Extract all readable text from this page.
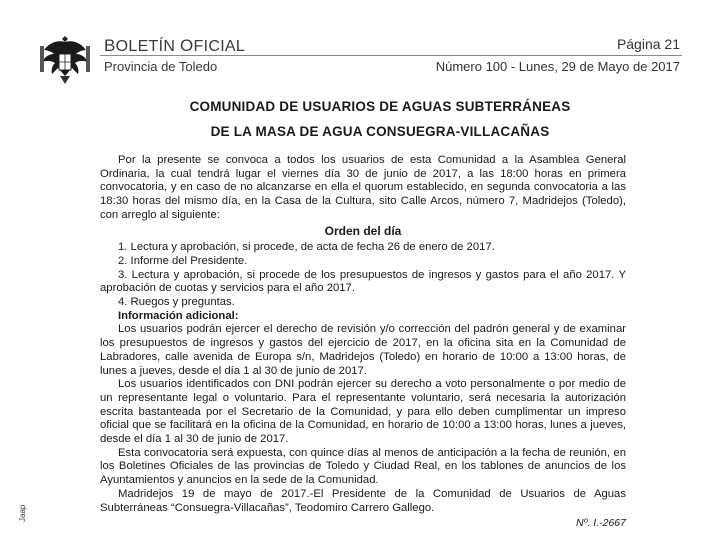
BOLETÍN OFICIAL
Provincia de Toledo
Página 21
Número 100 - Lunes, 29 de Mayo de 2017
COMUNIDAD DE USUARIOS DE AGUAS SUBTERRÁNEAS
DE LA MASA DE AGUA CONSUEGRA-VILLACAÑAS

Por la presente se convoca a todos los usuarios de esta Comunidad a la Asamblea General Ordinaria, la cual tendrá lugar el viernes día 30 de junio de 2017, a las 18:00 horas en primera convocatoria, y en caso de no alcanzarse en ella el quorum establecido, en segunda convocatoria a las 18:30 horas del mismo día, en la Casa de la Cultura, sito Calle Arcos, número 7, Madridejos (Toledo), con arreglo al siguiente:

Orden del día

1. Lectura y aprobación, si procede, de acta de fecha 26 de enero de 2017.

2. Informe del Presidente.

3. Lectura y aprobación, si procede de los presupuestos de ingresos y gastos para el año 2017. Y aprobación de cuotas y servicios para el año 2017.

4. Ruegos y preguntas.

Información adicional:

Los usuarios podrán ejercer el derecho de revisión y/o corrección del padrón general y de examinar los presupuestos de ingresos y gastos del ejercicio de 2017, en la oficina sita en la Comunidad de Labradores, calle avenida de Europa s/n, Madridejos (Toledo) en horario de 10:00 a 13:00 horas, de lunes a jueves, desde el día 1 al 30 de junio de 2017.

Los usuarios identificados con DNI podrán ejercer su derecho a voto personalmente o por medio de un representante legal o voluntario. Para el representante voluntario, será necesaria la autorización escrita bastanteada por el Secretario de la Comunidad, y para ello deben cumplimentar un impreso oficial que se facilitará en la oficina de la Comunidad, en horario de 10:00 a 13:00 horas, lunes a jueves, desde el día 1 al 30 de junio de 2017.

Esta convocatoria será expuesta, con quince días al menos de anticipación a la fecha de reunión, en los Boletines Oficiales de las provincias de Toledo y Ciudad Real, en los tablones de anuncios de los Ayuntamientos y anuncios en la sede de la Comunidad.

Madridejos 19 de mayo de 2017.-El Presidente de la Comunidad de Usuarios de Aguas Subterráneas “Consuegra-Villacañas”, Teodomiro Carrero Gallego.

Nº. I.-2667

Jaap
